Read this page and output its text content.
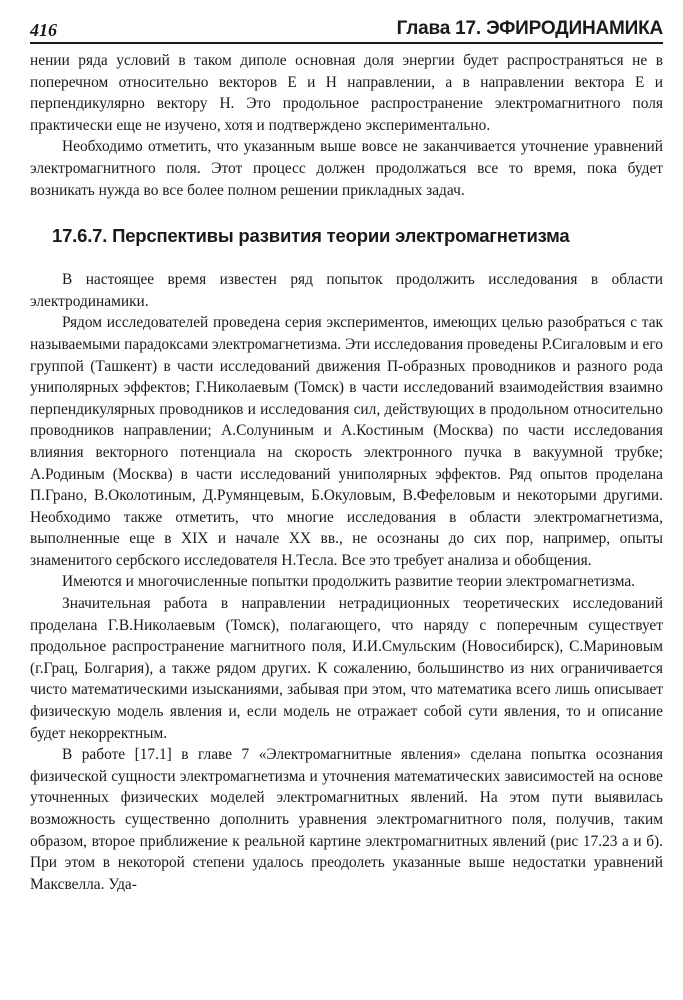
416	Глава 17. ЭФИРОДИНАМИКА

нении ряда условий в таком диполе основная доля энергии будет распространяться не в поперечном относительно векторов E и H направлении, а в направлении вектора E и перпендикулярно вектору H. Это продольное распространение электромагнитного поля практически еще не изучено, хотя и подтверждено экспериментально.

Необходимо отметить, что указанным выше вовсе не заканчивается уточнение уравнений электромагнитного поля. Этот процесс должен продолжаться все то время, пока будет возникать нужда во все более полном решении прикладных задач.

17.6.7. Перспективы развития теории электромагнетизма

В настоящее время известен ряд попыток продолжить исследования в области электродинамики.

Рядом исследователей проведена серия экспериментов, имеющих целью разобраться с так называемыми парадоксами электромагнетизма. Эти исследования проведены Р.Сигаловым и его группой (Ташкент) в части исследований движения П-образных проводников и разного рода униполярных эффектов; Г.Николаевым (Томск) в части исследований взаимодействия взаимно перпендикулярных проводников и исследования сил, действующих в продольном относительно проводников направлении; А.Солуниным и А.Костиным (Москва) по части исследования влияния векторного потенциала на скорость электронного пучка в вакуумной трубке; А.Родиным (Москва) в части исследований униполярных эффектов. Ряд опытов проделана П.Грано, В.Околотиным, Д.Румянцевым, Б.Окуловым, В.Фефеловым и некоторыми другими. Необходимо также отметить, что многие исследования в области электромагнетизма, выполненные еще в XIX и начале XX вв., не осознаны до сих пор, например, опыты знаменитого сербского исследователя Н.Тесла. Все это требует анализа и обобщения.

Имеются и многочисленные попытки продолжить развитие теории электромагнетизма.

Значительная работа в направлении нетрадиционных теоретических исследований проделана Г.В.Николаевым (Томск), полагающего, что наряду с поперечным существует продольное распространение магнитного поля, И.И.Смульским (Новосибирск), С.Мариновым (г.Грац, Болгария), а также рядом других. К сожалению, большинство из них ограничивается чисто математическими изысканиями, забывая при этом, что математика всего лишь описывает физическую модель явления и, если модель не отражает собой сути явления, то и описание будет некорректным.

В работе [17.1] в главе 7 «Электромагнитные явления» сделана попытка осознания физической сущности электромагнетизма и уточнения математических зависимостей на основе уточненных физических моделей электромагнитных явлений. На этом пути выявилась возможность существенно дополнить уравнения электромагнитного поля, получив, таким образом, второе приближение к реальной картине электромагнитных явлений (рис 17.23 а и б). При этом в некоторой степени удалось преодолеть указанные выше недостатки уравнений Максвелла. Уда-
